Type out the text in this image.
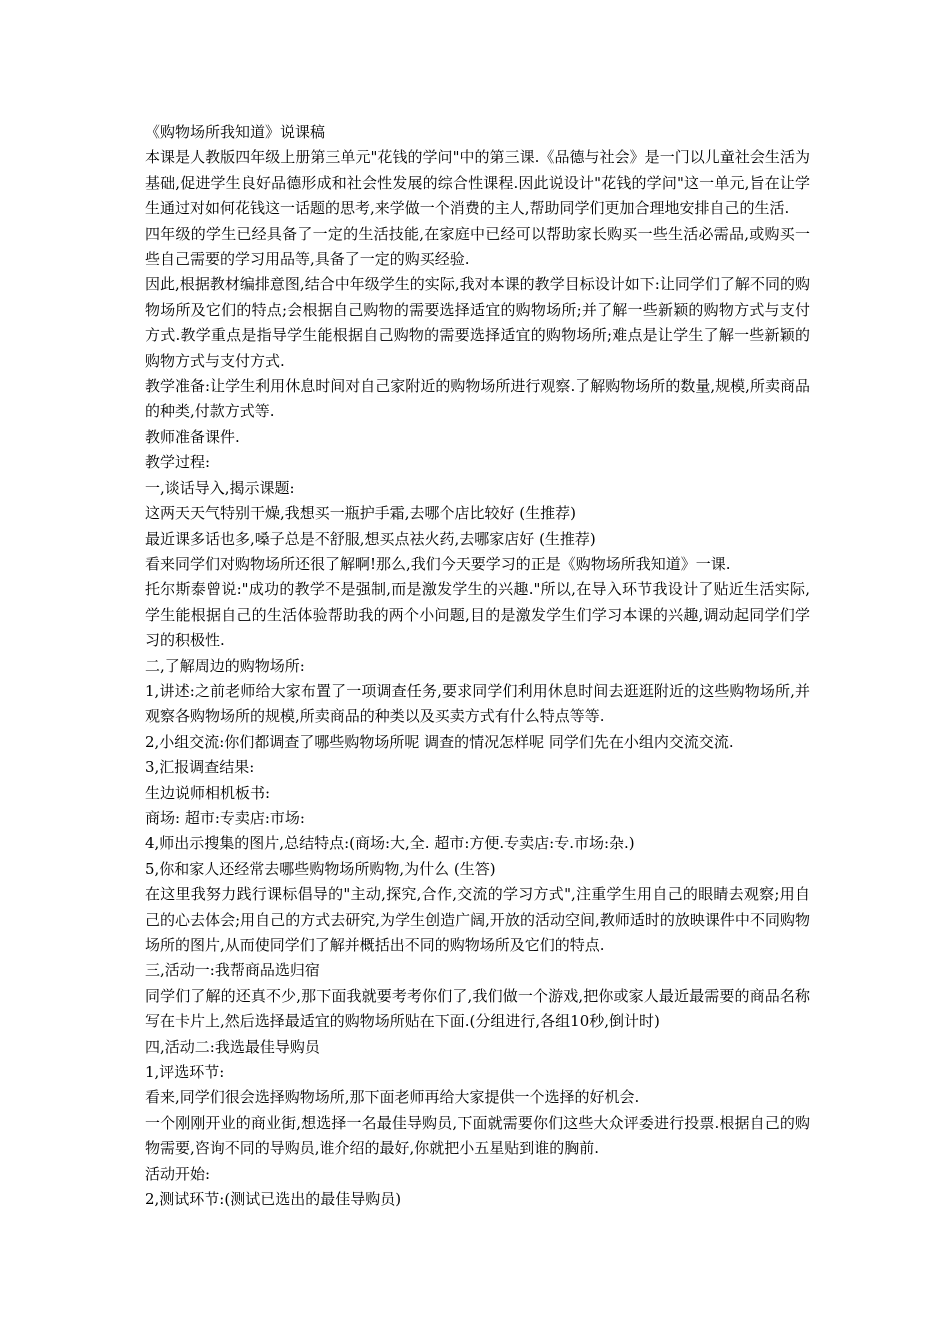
《购物场所我知道》说课稿

本课是人教版四年级上册第三单元"花钱的学问"中的第三课.《品德与社会》是一门以儿童社会生活为基础,促进学生良好品德形成和社会性发展的综合性课程.因此说设计"花钱的学问"这一单元,旨在让学生通过对如何花钱这一话题的思考,来学做一个消费的主人,帮助同学们更加合理地安排自己的生活.

四年级的学生已经具备了一定的生活技能,在家庭中已经可以帮助家长购买一些生活必需品,或购买一些自己需要的学习用品等,具备了一定的购买经验.

因此,根据教材编排意图,结合中年级学生的实际,我对本课的教学目标设计如下:让同学们了解不同的购物场所及它们的特点;会根据自己购物的需要选择适宜的购物场所;并了解一些新颖的购物方式与支付方式.教学重点是指导学生能根据自己购物的需要选择适宜的购物场所;难点是让学生了解一些新颖的购物方式与支付方式.

教学准备:让学生利用休息时间对自己家附近的购物场所进行观察.了解购物场所的数量,规模,所卖商品的种类,付款方式等.

教师准备课件.

教学过程:

一,谈话导入,揭示课题:

这两天天气特别干燥,我想买一瓶护手霜,去哪个店比较好 (生推荐)

最近课多话也多,嗓子总是不舒服,想买点祛火药,去哪家店好 (生推荐)

看来同学们对购物场所还很了解啊!那么,我们今天要学习的正是《购物场所我知道》一课.

托尔斯泰曾说:"成功的教学不是强制,而是激发学生的兴趣."所以,在导入环节我设计了贴近生活实际,学生能根据自己的生活体验帮助我的两个小问题,目的是激发学生们学习本课的兴趣,调动起同学们学习的积极性.

二,了解周边的购物场所:

1,讲述:之前老师给大家布置了一项调查任务,要求同学们利用休息时间去逛逛附近的这些购物场所,并观察各购物场所的规模,所卖商品的种类以及买卖方式有什么特点等等.

2,小组交流:你们都调查了哪些购物场所呢 调查的情况怎样呢 同学们先在小组内交流交流.

3,汇报调查结果:

生边说师相机板书:

商场: 超市:专卖店:市场:

4,师出示搜集的图片,总结特点:(商场:大,全. 超市:方便.专卖店:专.市场:杂.)

5,你和家人还经常去哪些购物场所购物,为什么 (生答)

在这里我努力践行课标倡导的"主动,探究,合作,交流的学习方式",注重学生用自己的眼睛去观察;用自己的心去体会;用自己的方式去研究,为学生创造广阔,开放的活动空间,教师适时的放映课件中不同购物场所的图片,从而使同学们了解并概括出不同的购物场所及它们的特点.

三,活动一:我帮商品选归宿

同学们了解的还真不少,那下面我就要考考你们了,我们做一个游戏,把你或家人最近最需要的商品名称写在卡片上,然后选择最适宜的购物场所贴在下面.(分组进行,各组10秒,倒计时)

四,活动二:我选最佳导购员

1,评选环节:

看来,同学们很会选择购物场所,那下面老师再给大家提供一个选择的好机会.

一个刚刚开业的商业街,想选择一名最佳导购员,下面就需要你们这些大众评委进行投票.根据自己的购物需要,咨询不同的导购员,谁介绍的最好,你就把小五星贴到谁的胸前.

活动开始:

2,测试环节:(测试已选出的最佳导购员)
